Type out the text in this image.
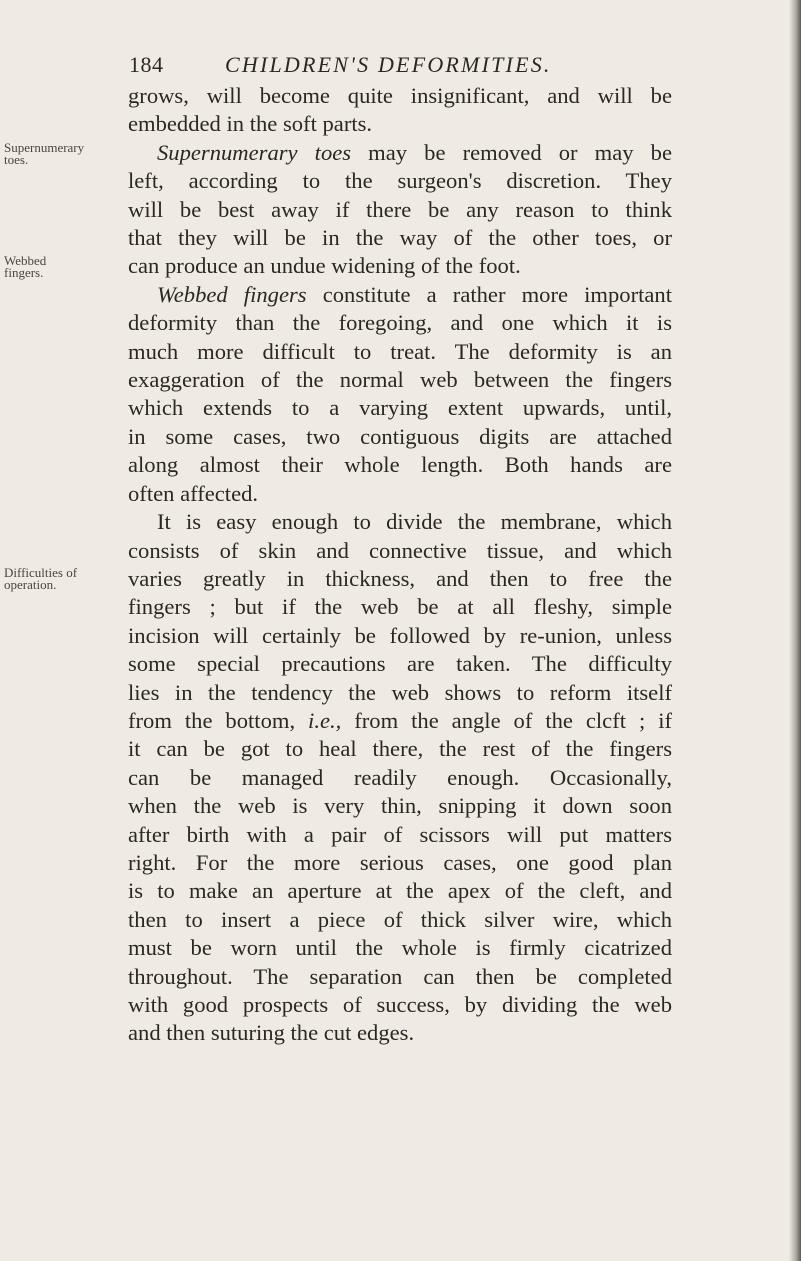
184	CHILDREN'S DEFORMITIES.
Supernumerary
toes.
Webbed
fingers.
Difficulties of
operation.

grows, will become quite insignificant, and will be
embedded in the soft parts.

Supernumerary toes may be removed or may be
left, according to the surgeon's discretion. They
will be best away if there be any reason to think
that they will be in the way of the other toes, or
can produce an undue widening of the foot.

Webbed fingers constitute a rather more important
deformity than the foregoing, and one which it is
much more difficult to treat. The deformity is an
exaggeration of the normal web between the fingers
which extends to a varying extent upwards, until,
in some cases, two contiguous digits are attached
along almost their whole length. Both hands are
often affected.

It is easy enough to divide the membrane, which
consists of skin and connective tissue, and which
varies greatly in thickness, and then to free the
fingers ; but if the web be at all fleshy, simple
incision will certainly be followed by re-union, unless
some special precautions are taken. The difficulty
lies in the tendency the web shows to reform itself
from the bottom, i.e., from the angle of the clcft ; if
it can be got to heal there, the rest of the fingers
can be managed readily enough. Occasionally,
when the web is very thin, snipping it down soon
after birth with a pair of scissors will put matters
right. For the more serious cases, one good plan
is to make an aperture at the apex of the cleft, and
then to insert a piece of thick silver wire, which
must be worn until the whole is firmly cicatrized
throughout. The separation can then be completed
with good prospects of success, by dividing the web
and then suturing the cut edges.
